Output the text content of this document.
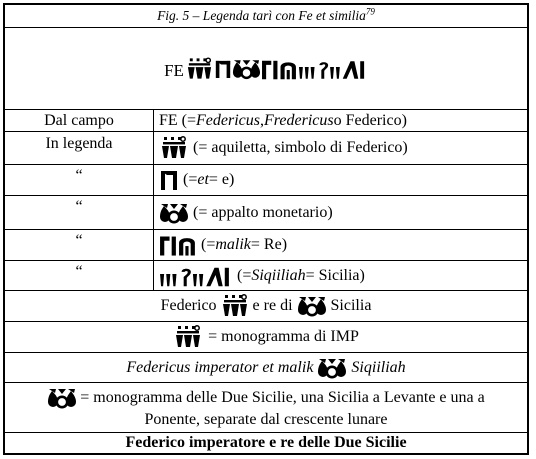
Fig. 5 – Legenda tarì con Fe et similia$^{79}$
FE
Dal campo	FE (= Federicus , Fredericus o Federico)
In legenda	(= aquiletta, simbolo di Federico)
“	(= et = e)
“	(= appalto monetario)
“	(= malik = Re)
“	(= Siqiiliah = Sicilia)
Federico e re di Sicilia
= monogramma di IMP
Federicus imperator et malik Siqiiliah
= monogramma delle Due Sicilie, una Sicilia a Levante e una a
Ponente, separate dal crescente lunare
Federico imperatore e re delle Due Sicilie
